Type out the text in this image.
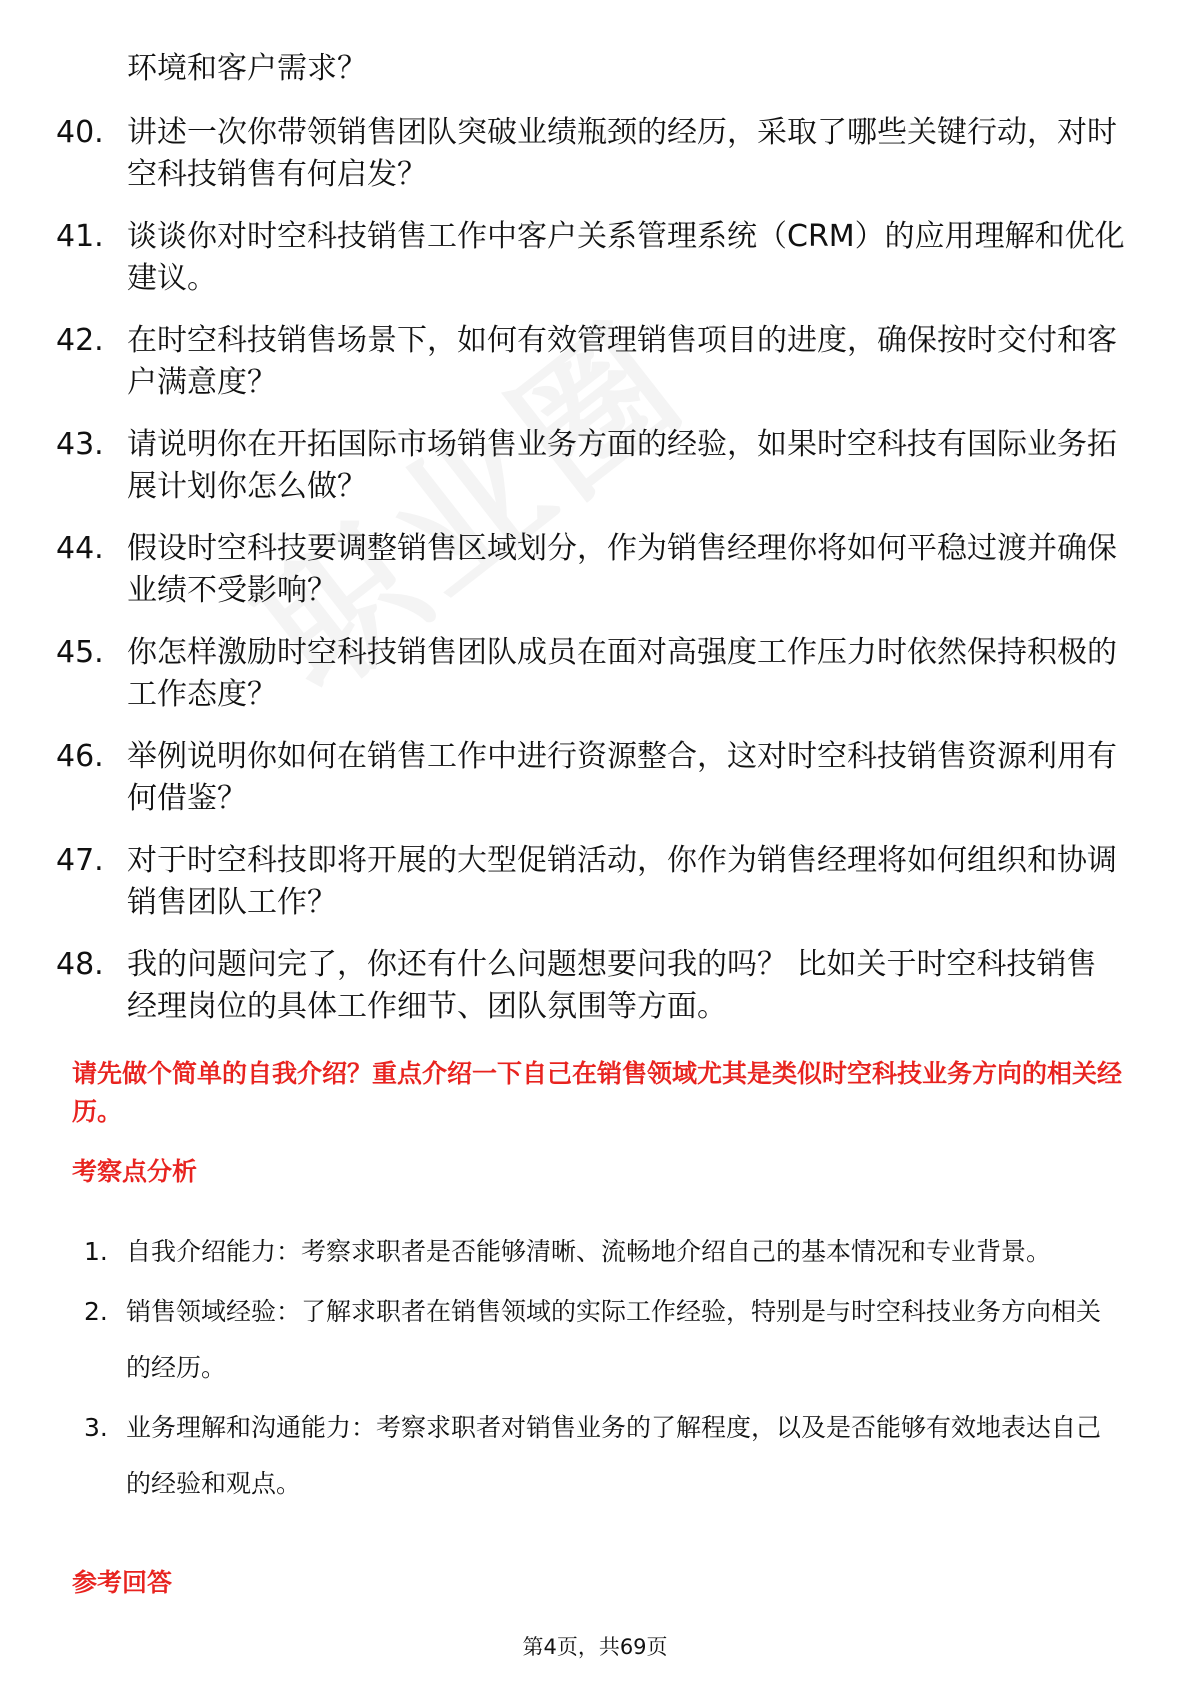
环境和客户需求？
40. 讲述一次你带领销售团队突破业绩瓶颈的经历，采取了哪些关键行动，对时空科技销售有何启发？
41. 谈谈你对时空科技销售工作中客户关系管理系统（CRM）的应用理解和优化建议。
42. 在时空科技销售场景下，如何有效管理销售项目的进度，确保按时交付和客户满意度？
43. 请说明你在开拓国际市场销售业务方面的经验，如果时空科技有国际业务拓展计划你怎么做？
44. 假设时空科技要调整销售区域划分，作为销售经理你将如何平稳过渡并确保业绩不受影响？
45. 你怎样激励时空科技销售团队成员在面对高强度工作压力时依然保持积极的工作态度？
46. 举例说明你如何在销售工作中进行资源整合，这对时空科技销售资源利用有何借鉴？
47. 对于时空科技即将开展的大型促销活动，你作为销售经理将如何组织和协调销售团队工作？
48. 我的问题问完了，你还有什么问题想要问我的吗？ 比如关于时空科技销售经理岗位的具体工作细节、团队氛围等方面。
请先做个简单的自我介绍？重点介绍一下自己在销售领域尤其是类似时空科技业务方向的相关经历。
考察点分析
1. 自我介绍能力：考察求职者是否能够清晰、流畅地介绍自己的基本情况和专业背景。
2. 销售领域经验：了解求职者在销售领域的实际工作经验，特别是与时空科技业务方向相关的经历。
3. 业务理解和沟通能力：考察求职者对销售业务的了解程度，以及是否能够有效地表达自己的经验和观点。
参考回答
第4页，共69页
